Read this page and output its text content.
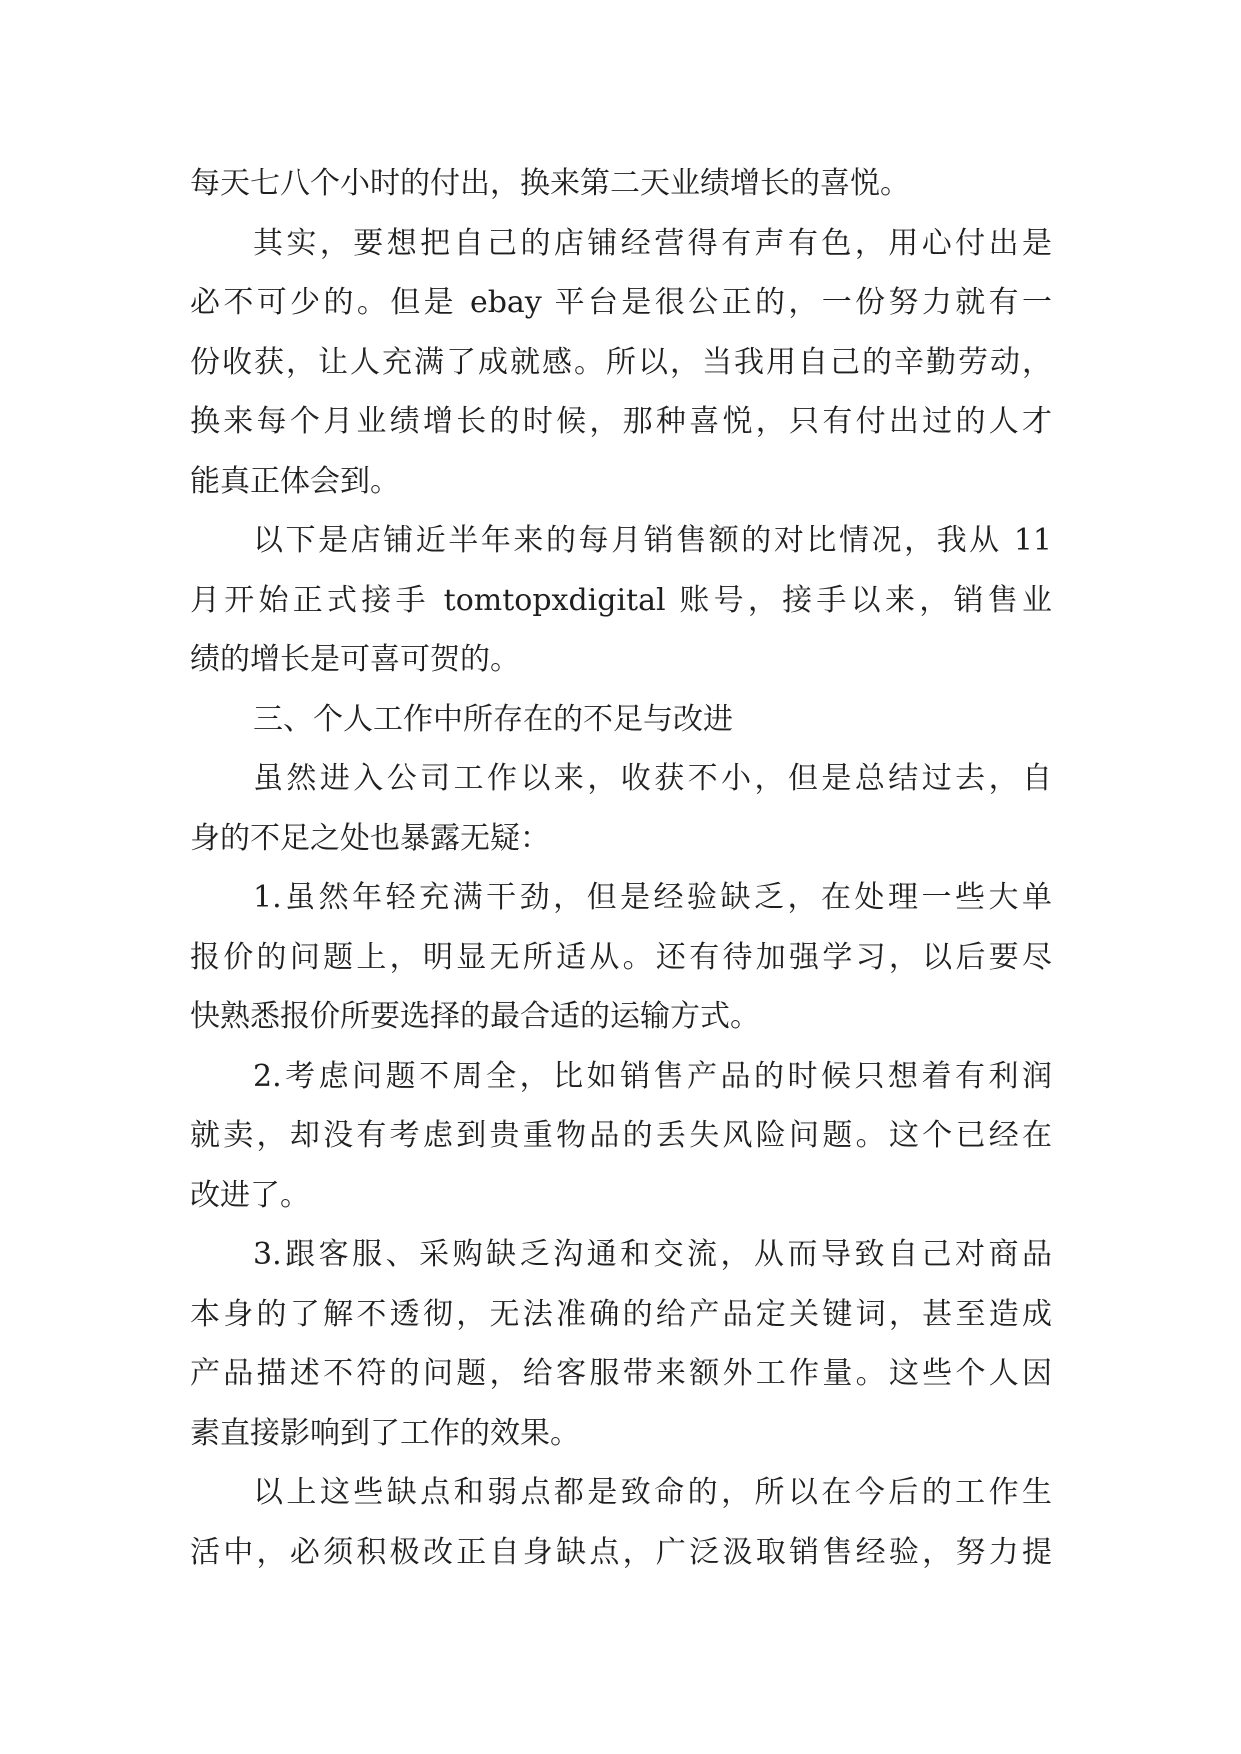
每天七八个小时的付出，换来第二天业绩增长的喜悦。
其实，要想把自己的店铺经营得有声有色，用心付出是
必不可少的。但是 ebay 平台是很公正的，一份努力就有一
份收获，让人充满了成就感。所以，当我用自己的辛勤劳动，
换来每个月业绩增长的时候，那种喜悦，只有付出过的人才
能真正体会到。
以下是店铺近半年来的每月销售额的对比情况，我从 11
月开始正式接手 tomtopxdigital 账号，接手以来，销售业
绩的增长是可喜可贺的。
三、个人工作中所存在的不足与改进
虽然进入公司工作以来，收获不小，但是总结过去，自
身的不足之处也暴露无疑：
1.虽然年轻充满干劲，但是经验缺乏，在处理一些大单
报价的问题上，明显无所适从。还有待加强学习，以后要尽
快熟悉报价所要选择的最合适的运输方式。
2.考虑问题不周全，比如销售产品的时候只想着有利润
就卖，却没有考虑到贵重物品的丢失风险问题。这个已经在
改进了。
3.跟客服、采购缺乏沟通和交流，从而导致自己对商品
本身的了解不透彻，无法准确的给产品定关键词，甚至造成
产品描述不符的问题，给客服带来额外工作量。这些个人因
素直接影响到了工作的效果。
以上这些缺点和弱点都是致命的，所以在今后的工作生
活中，必须积极改正自身缺点，广泛汲取销售经验，努力提
